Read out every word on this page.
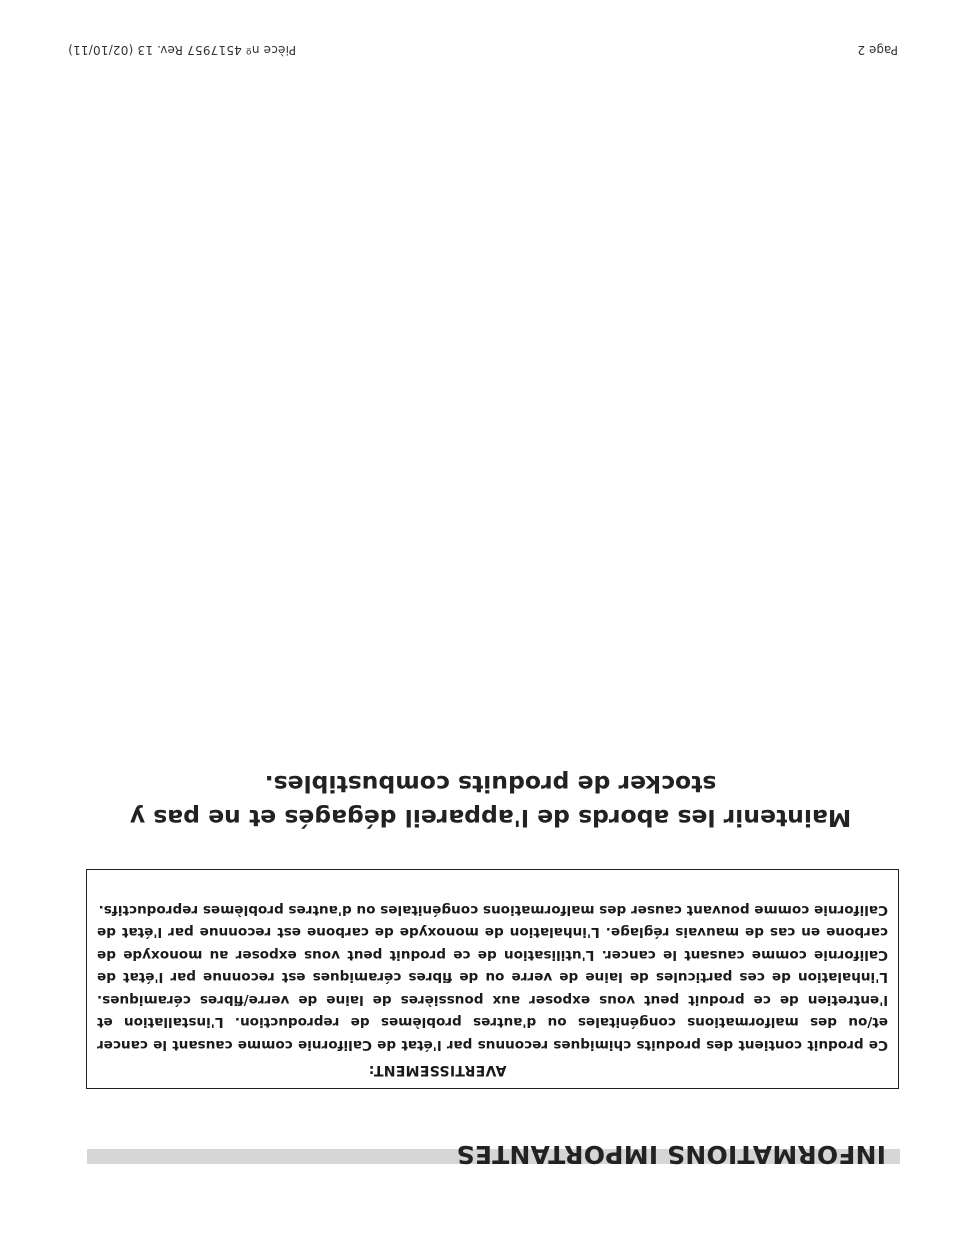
INFORMATIONS IMPORTANTES

AVERTISSEMENT:

Ce produit contient des produits chimiques reconnus par l'état de Californie comme causant le cancer et/ou des malformations congénitales ou d'autres problèmes de reproduction. L'installation et l'entretien de ce produit peut vous exposer aux poussières de laine de verre/fibres céramiques. L'inhalation de ces particules de laine de verre ou de fibres céramiques est reconnue par l'état de Californie comme causant le cancer. L'utilisation de ce produit peut vous exposer au monoxyde de carbone en cas de mauvais réglage. L'inhalation de monoxyde de carbone est reconnue par l'état de Californie comme pouvant causer des malformations congénitales ou d'autres problèmes reproductifs.

Maintenir les abords de l'appareil dégagés et ne pas y stocker de produits combustibles.
Page 2
Pièce nº 4517957 Rev. 13 (02/10/11)
